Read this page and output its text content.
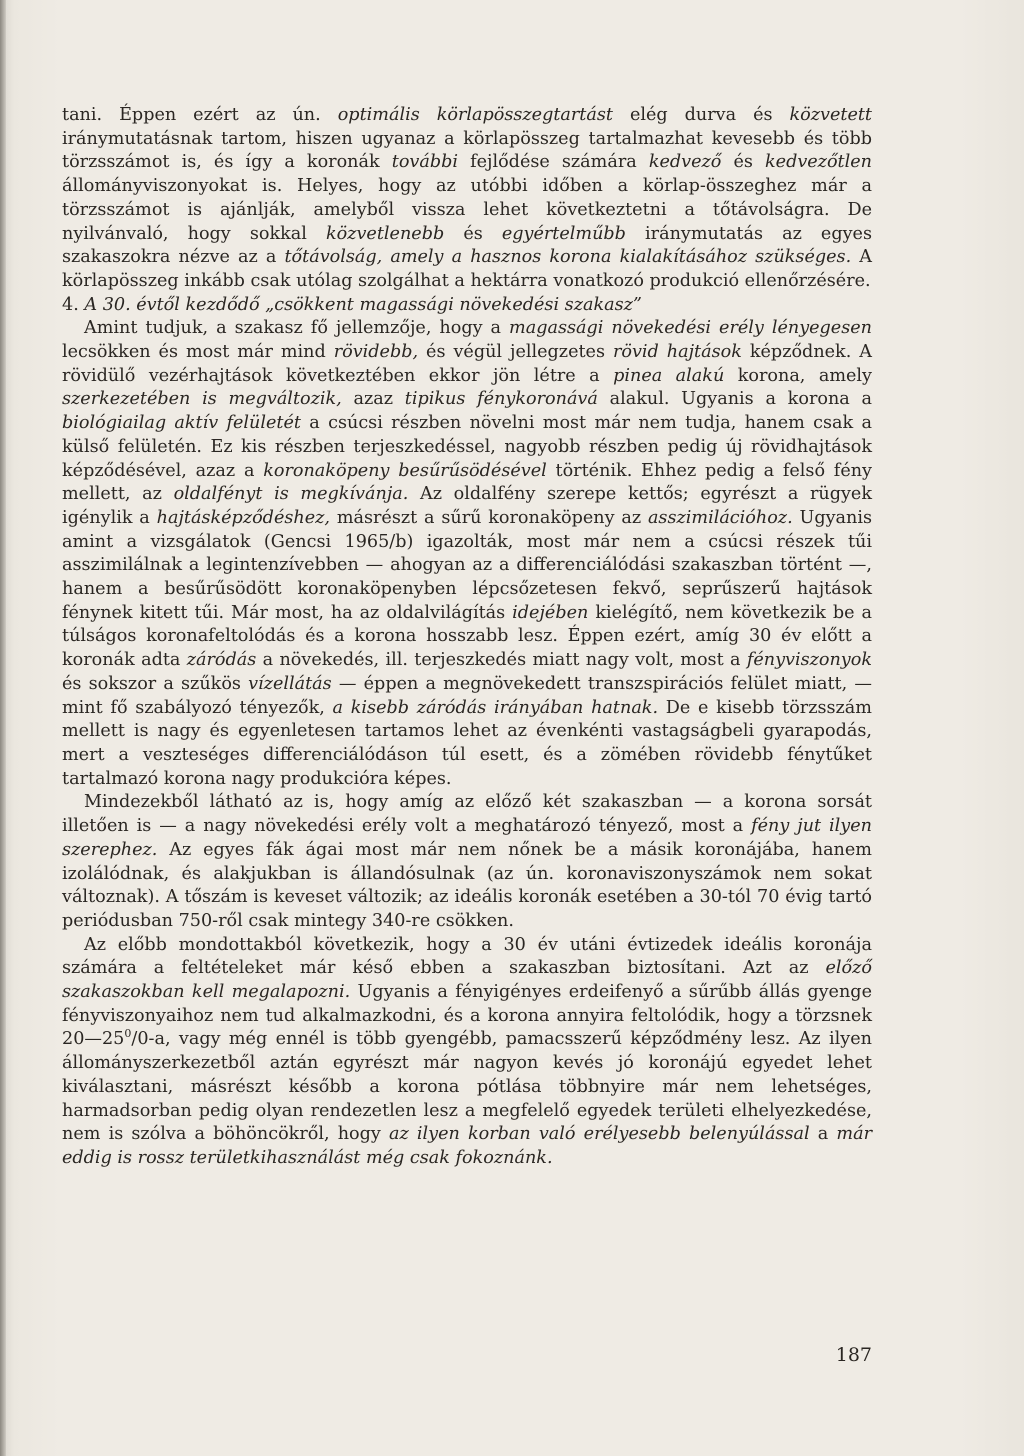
tani. Éppen ezért az ún. optimális körlapösszegtartást elég durva és közvetett iránymutatásnak tartom, hiszen ugyanaz a körlapösszeg tartalmazhat kevesebb és több törzsszámot is, és így a koronák további fejlődése számára kedvező és kedvezőtlen állományviszonyokat is. Helyes, hogy az utóbbi időben a körlap-összeghez már a törzsszámot is ajánlják, amelyből vissza lehet következtetni a tőtávolságra. De nyilvánvaló, hogy sokkal közvetlenebb és egyértelműbb iránymutatás az egyes szakaszokra nézve az a tőtávolság, amely a hasznos korona kialakításához szükséges. A körlapösszeg inkább csak utólag szolgálhat a hektárra vonatkozó produkció ellenőrzésére.

4. A 30. évtől kezdődő „csökkent magassági növekedési szakasz”

Amint tudjuk, a szakasz fő jellemzője, hogy a magassági növekedési erély lényegesen lecsökken és most már mind rövidebb, és végül jellegzetes rövid hajtások képződnek. A rövidülő vezérhajtások következtében ekkor jön létre a pinea alakú korona, amely szerkezetében is megváltozik, azaz tipikus fénykoronává alakul. Ugyanis a korona a biológiailag aktív felületét a csúcsi részben növelni most már nem tudja, hanem csak a külső felületén. Ez kis részben terjeszkedéssel, nagyobb részben pedig új rövidhajtások képződésével, azaz a koronaköpeny besűrűsödésével történik. Ehhez pedig a felső fény mellett, az oldalfényt is megkívánja. Az oldalfény szerepe kettős; egyrészt a rügyek igénylik a hajtásképződéshez, másrészt a sűrű koronaköpeny az asszimilációhoz. Ugyanis amint a vizsgálatok (Gencsi 1965/b) igazolták, most már nem a csúcsi részek tűi asszimilálnak a legintenzívebben — ahogyan az a differenciálódási szakaszban történt —, hanem a besűrűsödött koronaköpenyben lépcsőzetesen fekvő, seprűszerű hajtások fénynek kitett tűi. Már most, ha az oldalvilágítás idejében kielégítő, nem következik be a túlságos koronafeltolódás és a korona hosszabb lesz. Éppen ezért, amíg 30 év előtt a koronák adta záródás a növekedés, ill. terjeszkedés miatt nagy volt, most a fényviszonyok és sokszor a szűkös vízellátás — éppen a megnövekedett transzspirációs felület miatt, — mint fő szabályozó tényezők, a kisebb záródás irányában hatnak. De e kisebb törzsszám mellett is nagy és egyenletesen tartamos lehet az évenkénti vastagságbeli gyarapodás, mert a veszteséges differenciálódáson túl esett, és a zömében rövidebb fénytűket tartalmazó korona nagy produkcióra képes.

Mindezekből látható az is, hogy amíg az előző két szakaszban — a korona sorsát illetően is — a nagy növekedési erély volt a meghatározó tényező, most a fény jut ilyen szerephez. Az egyes fák ágai most már nem nőnek be a másik koronájába, hanem izolálódnak, és alakjukban is állandósulnak (az ún. koronaviszonyszámok nem sokat változnak). A tőszám is keveset változik; az ideális koronák esetében a 30-tól 70 évig tartó periódusban 750-ről csak mintegy 340-re csökken.

Az előbb mondottakból következik, hogy a 30 év utáni évtizedek ideális koronája számára a feltételeket már késő ebben a szakaszban biztosítani. Azt az előző szakaszokban kell megalapozni. Ugyanis a fényigényes erdeifenyő a sűrűbb állás gyenge fényviszonyaihoz nem tud alkalmazkodni, és a korona annyira feltolódik, hogy a törzsnek $20—25^0/0-a$, vagy még ennél is több gyengébb, pamacsszerű képződmény lesz. Az ilyen állományszerkezetből aztán egyrészt már nagyon kevés jó koronájú egyedet lehet kiválasztani, másrészt később a korona pótlása többnyire már nem lehetséges, harmadsorban pedig olyan rendezetlen lesz a megfelelő egyedek területi elhelyezkedése, nem is szólva a böhöncökről, hogy az ilyen korban való erélyesebb belenyúlással a már eddig is rossz területkihasználást még csak fokoznánk.

187
